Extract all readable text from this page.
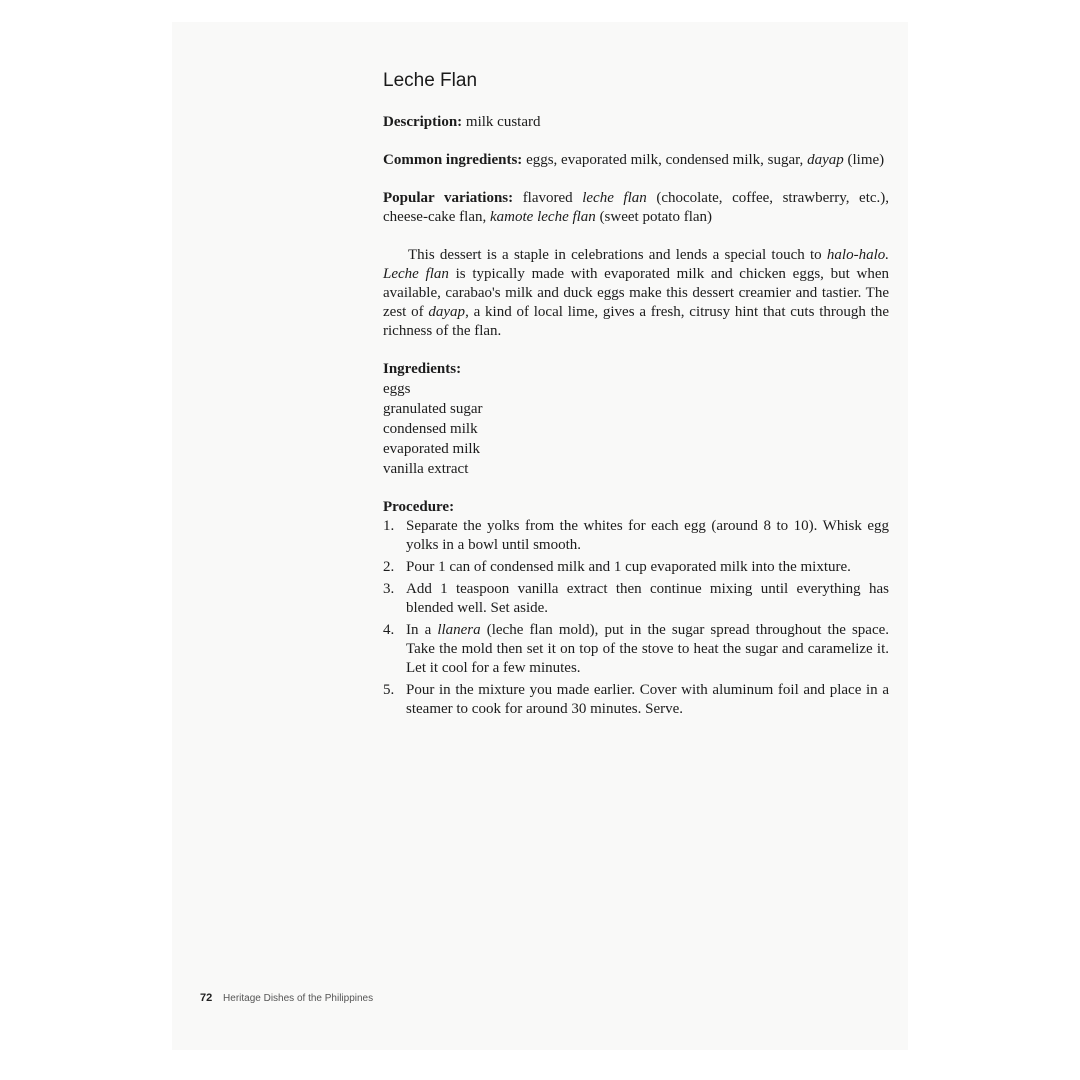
Leche Flan

Description: milk custard

Common ingredients: eggs, evaporated milk, condensed milk, sugar, dayap (lime)

Popular variations: flavored leche flan (chocolate, coffee, strawberry, etc.), cheese-cake flan, kamote leche flan (sweet potato flan)

This dessert is a staple in celebrations and lends a special touch to halo-halo. Leche flan is typically made with evaporated milk and chicken eggs, but when available, carabao's milk and duck eggs make this dessert creamier and tastier. The zest of dayap, a kind of local lime, gives a fresh, citrusy hint that cuts through the richness of the flan.

Ingredients:

eggs
granulated sugar
condensed milk
evaporated milk
vanilla extract

Procedure:

1. Separate the yolks from the whites for each egg (around 8 to 10). Whisk egg yolks in a bowl until smooth.
2. Pour 1 can of condensed milk and 1 cup evaporated milk into the mixture.
3. Add 1 teaspoon vanilla extract then continue mixing until everything has blended well. Set aside.
4. In a llanera (leche flan mold), put in the sugar spread throughout the space. Take the mold then set it on top of the stove to heat the sugar and caramelize it. Let it cool for a few minutes.
5. Pour in the mixture you made earlier. Cover with aluminum foil and place in a steamer to cook for around 30 minutes. Serve.
72 Heritage Dishes of the Philippines
